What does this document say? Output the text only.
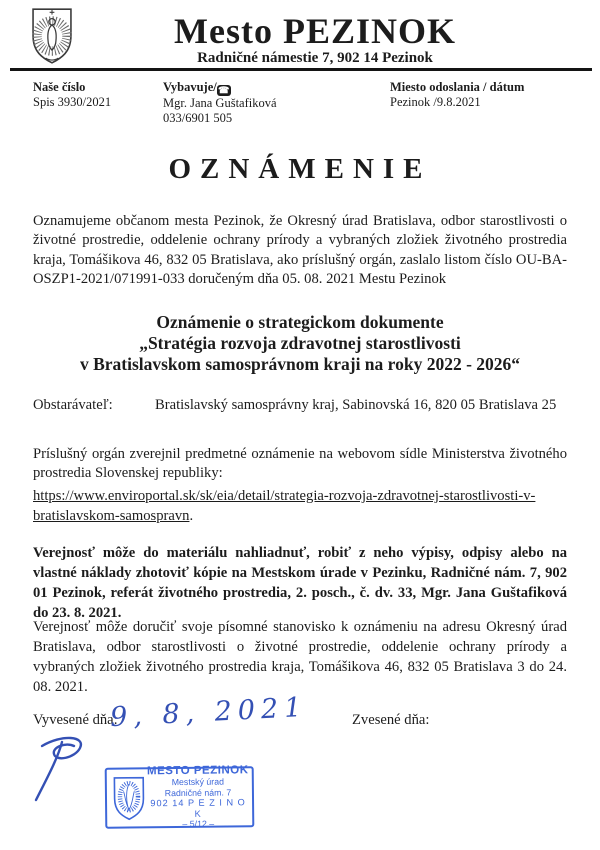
Mesto PEZINOK
Radničné námestie 7, 902 14 Pezinok
Naše číslo
Spis 3930/2021
Vybavuje/☎
Mgr. Jana Guštafiková
033/6901 505
Miesto odoslania / dátum
Pezinok /9.8.2021
OZNÁMENIE
Oznamujeme občanom mesta Pezinok, že Okresný úrad Bratislava, odbor starostlivosti o životné prostredie, oddelenie ochrany prírody a vybraných zložiek životného prostredia kraja, Tomášikova 46, 832 05 Bratislava, ako príslušný orgán, zaslalo listom číslo OU-BA-OSZP1-2021/071991-033 doručeným dňa 05. 08. 2021 Mestu Pezinok
Oznámenie o strategickom dokumente
„Stratégia rozvoja zdravotnej starostlivosti
v Bratislavskom samosprávnom kraji na roky 2022 - 2026“
Obstarávateľ:	Bratislavský samosprávny kraj, Sabinovská 16, 820 05 Bratislava 25
Príslušný orgán zverejnil predmetné oznámenie na webovom sídle Ministerstva životného prostredia Slovenskej republiky:
https://www.enviroportal.sk/sk/eia/detail/strategia-rozvoja-zdravotnej-starostlivosti-v-bratislavskom-samospravn.
Verejnosť môže do materiálu nahliadnuť, robiť z neho výpisy, odpisy alebo na vlastné náklady zhotoviť kópie na Mestskom úrade v Pezinku, Radničné nám. 7, 902 01 Pezinok, referát životného prostredia, 2. posch., č. dv. 33, Mgr. Jana Guštafiková do 23. 8. 2021.
Verejnosť môže doručiť svoje písomné stanovisko k oznámeniu na adresu Okresný úrad Bratislava, odbor starostlivosti o životné prostredie, oddelenie ochrany prírody a vybraných zložiek životného prostredia kraja, Tomášikova 46, 832 05 Bratislava 3 do 24. 08. 2021.
Vyvesené dňa:
9, 8, 2021	Zvesené dňa:
MESTO PEZINOK
Mestský úrad
Radničné nám. 7
902 14 P E Z I N O K
– 5/12 –
